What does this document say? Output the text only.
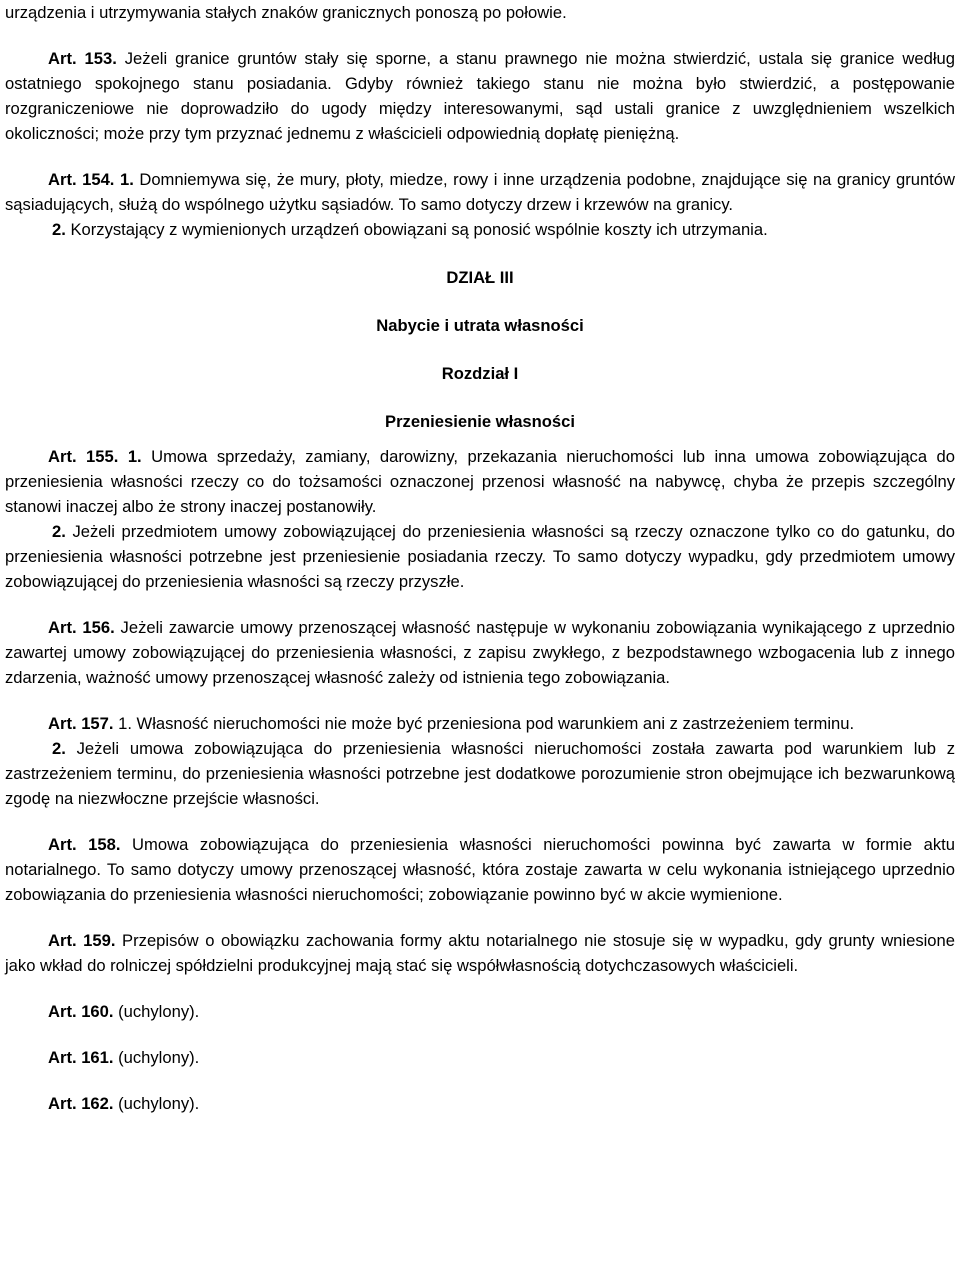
urządzenia i utrzymywania stałych znaków granicznych ponoszą po połowie.

Art. 153. Jeżeli granice gruntów stały się sporne, a stanu prawnego nie można stwierdzić, ustala się granice według ostatniego spokojnego stanu posiadania. Gdyby również takiego stanu nie można było stwierdzić, a postępowanie rozgraniczeniowe nie doprowadziło do ugody między interesowanymi, sąd ustali granice z uwzględnieniem wszelkich okoliczności; może przy tym przyznać jednemu z właścicieli odpowiednią dopłatę pieniężną.

Art. 154. 1. Domniemywa się, że mury, płoty, miedze, rowy i inne urządzenia podobne, znajdujące się na granicy gruntów sąsiadujących, służą do wspólnego użytku sąsiadów. To samo dotyczy drzew i krzewów na granicy.

2. Korzystający z wymienionych urządzeń obowiązani są ponosić wspólnie koszty ich utrzymania.

DZIAŁ III

Nabycie i utrata własności

Rozdział I

Przeniesienie własności

Art. 155. 1. Umowa sprzedaży, zamiany, darowizny, przekazania nieruchomości lub inna umowa zobowiązująca do przeniesienia własności rzeczy co do tożsamości oznaczonej przenosi własność na nabywcę, chyba że przepis szczególny stanowi inaczej albo że strony inaczej postanowiły.

2. Jeżeli przedmiotem umowy zobowiązującej do przeniesienia własności są rzeczy oznaczone tylko co do gatunku, do przeniesienia własności potrzebne jest przeniesienie posiadania rzeczy. To samo dotyczy wypadku, gdy przedmiotem umowy zobowiązującej do przeniesienia własności są rzeczy przyszłe.

Art. 156. Jeżeli zawarcie umowy przenoszącej własność następuje w wykonaniu zobowiązania wynikającego z uprzednio zawartej umowy zobowiązującej do przeniesienia własności, z zapisu zwykłego, z bezpodstawnego wzbogacenia lub z innego zdarzenia, ważność umowy przenoszącej własność zależy od istnienia tego zobowiązania.

Art. 157. 1. Własność nieruchomości nie może być przeniesiona pod warunkiem ani z zastrzeżeniem terminu.

2. Jeżeli umowa zobowiązująca do przeniesienia własności nieruchomości została zawarta pod warunkiem lub z zastrzeżeniem terminu, do przeniesienia własności potrzebne jest dodatkowe porozumienie stron obejmujące ich bezwarunkową zgodę na niezwłoczne przejście własności.

Art. 158. Umowa zobowiązująca do przeniesienia własności nieruchomości powinna być zawarta w formie aktu notarialnego. To samo dotyczy umowy przenoszącej własność, która zostaje zawarta w celu wykonania istniejącego uprzednio zobowiązania do przeniesienia własności nieruchomości; zobowiązanie powinno być w akcie wymienione.

Art. 159. Przepisów o obowiązku zachowania formy aktu notarialnego nie stosuje się w wypadku, gdy grunty wniesione jako wkład do rolniczej spółdzielni produkcyjnej mają stać się współwłasnością dotychczasowych właścicieli.

Art. 160. (uchylony).

Art. 161. (uchylony).

Art. 162. (uchylony).
